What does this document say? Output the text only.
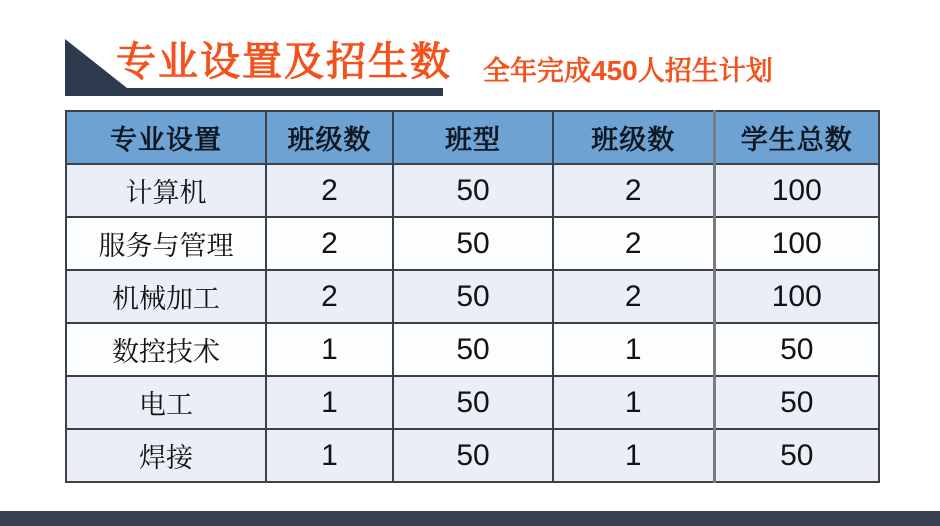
专业设置及招生数 全年完成450人招生计划
专业设置	班级数	班型	班级数	学生总数
计算机	2	50	2	100
服务与管理	2	50	2	100
机械加工	2	50	2	100
数控技术	1	50	1	50
电工	1	50	1	50
焊接	1	50	1	50
